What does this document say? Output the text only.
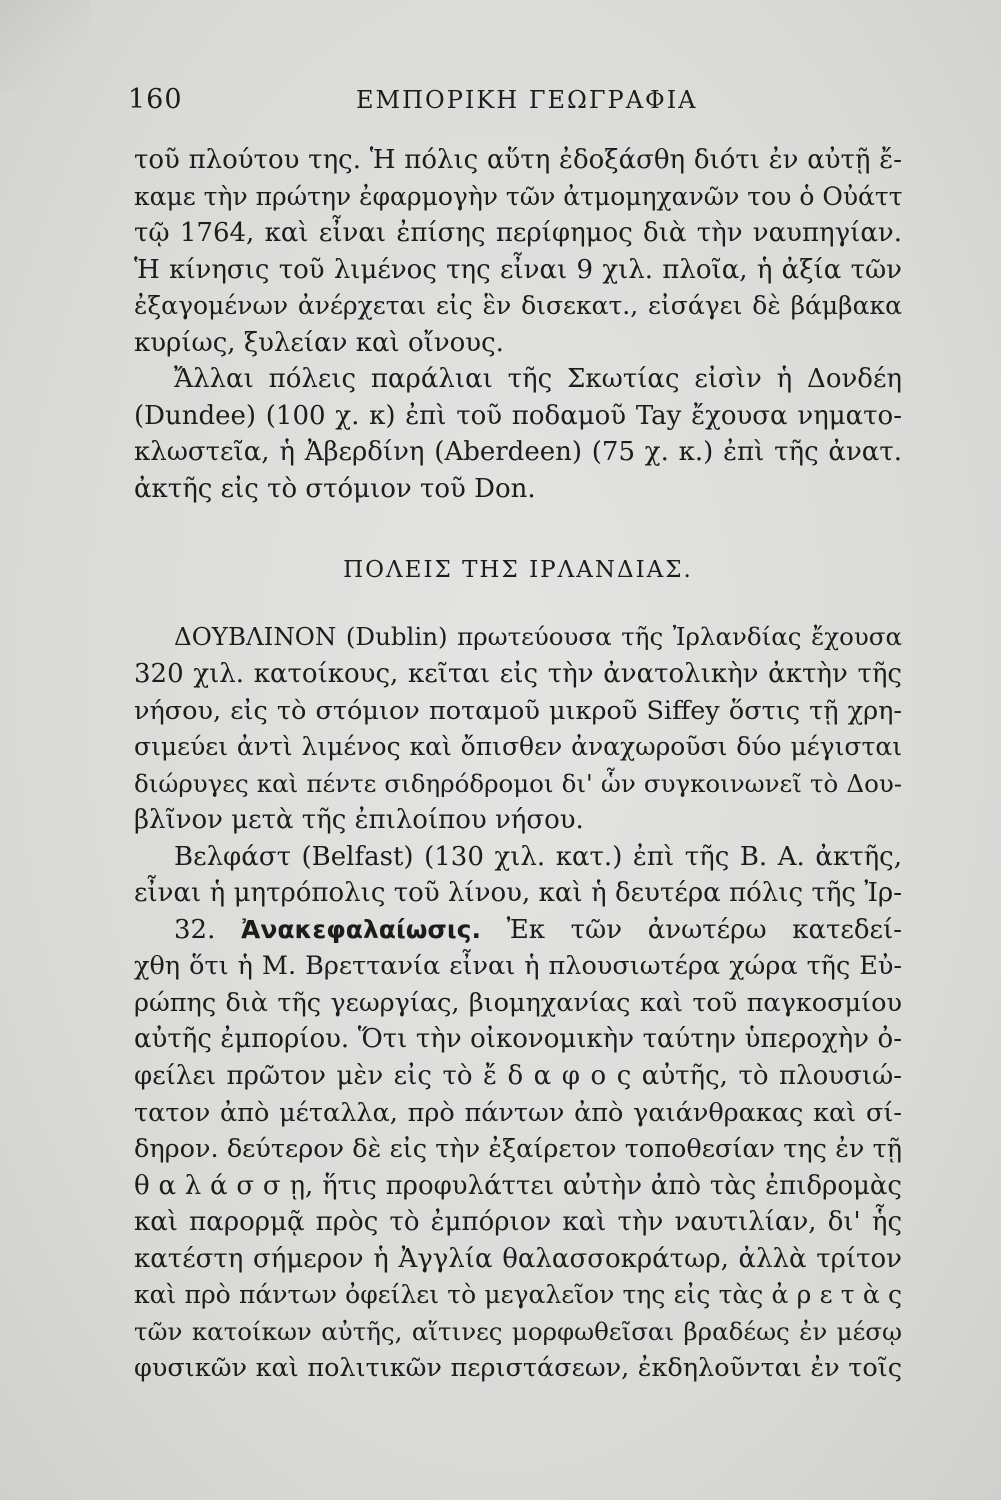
160	ΕΜΠΟΡΙΚΗ ΓΕΩΓΡΑΦΙΑ
τοῦ πλούτου της. Ἡ πόλις αὕτη ἐδοξάσθη διότι ἐν αὐτῇ ἔ-
καμε τὴν πρώτην ἐφαρμογὴν τῶν ἀτμομηχανῶν του ὁ Οὐάττ
τῷ 1764, καὶ εἶναι ἐπίσης περίφημος διὰ τὴν ναυπηγίαν.
Ἡ κίνησις τοῦ λιμένος της εἶναι 9 χιλ. πλοῖα, ἡ ἀξία τῶν
ἐξαγομένων ἀνέρχεται εἰς ἓν δισεκατ., εἰσάγει δὲ βάμβακα
κυρίως, ξυλείαν καὶ οἴνους.
Ἄλλαι πόλεις παράλιαι τῆς Σκωτίας εἰσὶν ἡ Δονδέη
(Dundee) (100 χ. κ) ἐπὶ τοῦ ποδαμοῦ Tay ἔχουσα νηματο-
κλωστεῖα, ἡ Ἀβερδίνη (Aberdeen) (75 χ. κ.) ἐπὶ τῆς ἀνατ.
ἀκτῆς εἰς τὸ στόμιον τοῦ Don.
ΠΟΛΕΙΣ ΤΗΣ ΙΡΛΑΝΔΙΑΣ.
ΔΟΥΒΛΙΝΟΝ (Dublin) πρωτεύουσα τῆς Ἰρλανδίας ἔχουσα
320 χιλ. κατοίκους, κεῖται εἰς τὴν ἀνατολικὴν ἀκτὴν τῆς
νήσου, εἰς τὸ στόμιον ποταμοῦ μικροῦ Siffey ὅστις τῇ χρη-
σιμεύει ἀντὶ λιμένος καὶ ὄπισθεν ἀναχωροῦσι δύο μέγισται
διώρυγες καὶ πέντε σιδηρόδρομοι δι' ὧν συγκοινωνεῖ τὸ Δου-
βλῖνον μετὰ τῆς ἐπιλοίπου νήσου.
Βελφάστ (Belfast) (130 χιλ. κατ.) ἐπὶ τῆς Β. Α. ἀκτῆς,
εἶναι ἡ μητρόπολις τοῦ λίνου, καὶ ἡ δευτέρα πόλις τῆς Ἰρ-
32. Ἀνακεφαλαίωσις. Ἐκ τῶν ἀνωτέρω κατεδεί-
χθη ὅτι ἡ Μ. Βρεττανία εἶναι ἡ πλουσιωτέρα χώρα τῆς Εὐ-
ρώπης διὰ τῆς γεωργίας, βιομηχανίας καὶ τοῦ παγκοσμίου
αὐτῆς ἐμπορίου. Ὅτι τὴν οἰκονομικὴν ταύτην ὑπεροχὴν ὀ-
φείλει πρῶτον μὲν εἰς τὸ ἔ δ α φ ο ς αὐτῆς, τὸ πλουσιώ-
τατον ἀπὸ μέταλλα, πρὸ πάντων ἀπὸ γαιάνθρακας καὶ σί-
δηρον. δεύτερον δὲ εἰς τὴν ἐξαίρετον τοποθεσίαν της ἐν τῇ
θ α λ ά σ σ ῃ, ἥτις προφυλάττει αὐτὴν ἀπὸ τὰς ἐπιδρομὰς
καὶ παρορμᾷ πρὸς τὸ ἐμπόριον καὶ τὴν ναυτιλίαν, δι' ἧς
κατέστη σήμερον ἡ Ἀγγλία θαλασσοκράτωρ, ἀλλὰ τρίτον
καὶ πρὸ πάντων ὀφείλει τὸ μεγαλεῖον της εἰς τὰς ἀ ρ ε τ ὰ ς
τῶν κατοίκων αὐτῆς, αἵτινες μορφωθεῖσαι βραδέως ἐν μέσῳ
φυσικῶν καὶ πολιτικῶν περιστάσεων, ἐκδηλοῦνται ἐν τοῖς
